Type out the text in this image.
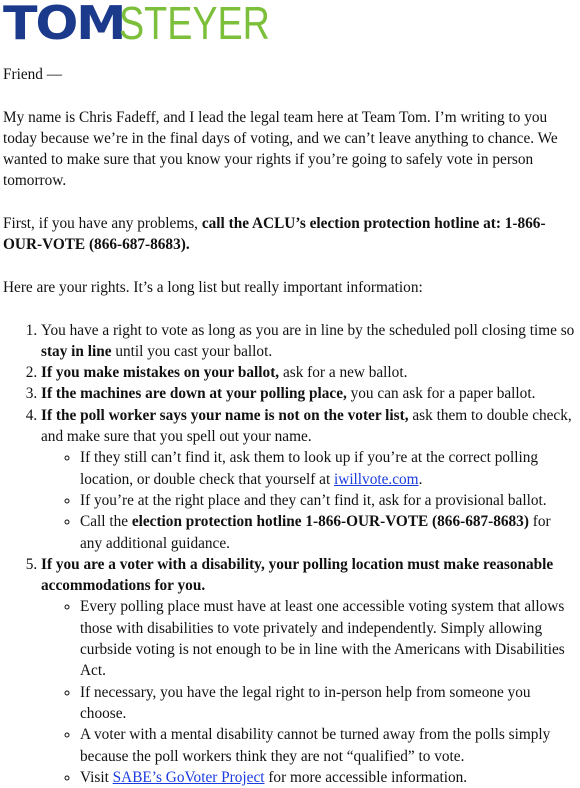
TOM
STEYER

Friend —

My name is Chris Fadeff, and I lead the legal team here at Team Tom. I’m writing to you today because we’re in the final days of voting, and we can’t leave anything to chance. We wanted to make sure that you know your rights if you’re going to safely vote in person tomorrow.

First, if you have any problems, call the ACLU’s election protection hotline at: 1-866-OUR-VOTE (866-687-8683).

Here are your rights. It’s a long list but really important information:

1. You have a right to vote as long as you are in line by the scheduled poll closing time so stay in line until you cast your ballot.
2. If you make mistakes on your ballot, ask for a new ballot.
3. If the machines are down at your polling place, you can ask for a paper ballot.
4. If the poll worker says your name is not on the voter list, ask them to double check, and make sure that you spell out your name.
◦ If they still can’t find it, ask them to look up if you’re at the correct polling location, or double check that yourself at iwillvote.com.
◦ If you’re at the right place and they can’t find it, ask for a provisional ballot.
◦ Call the election protection hotline 1-866-OUR-VOTE (866-687-8683) for any additional guidance.
5. If you are a voter with a disability, your polling location must make reasonable accommodations for you.
◦ Every polling place must have at least one accessible voting system that allows those with disabilities to vote privately and independently. Simply allowing curbside voting is not enough to be in line with the Americans with Disabilities Act.
◦ If necessary, you have the legal right to in-person help from someone you choose.
◦ A voter with a mental disability cannot be turned away from the polls simply because the poll workers think they are not “qualified” to vote.
◦ Visit SABE’s GoVoter Project for more accessible information.
